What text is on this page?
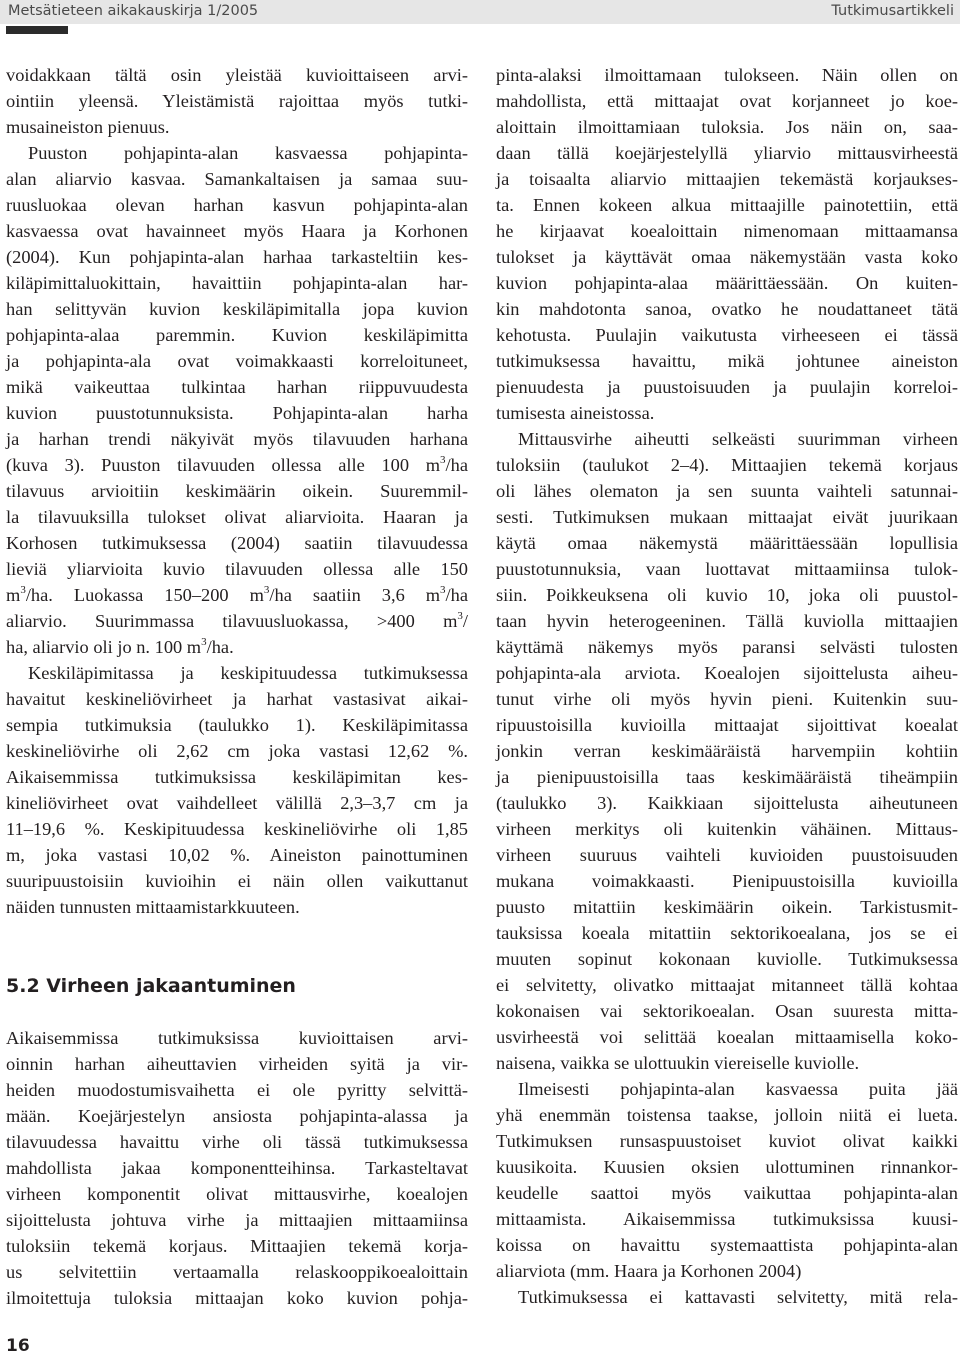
Metsätieteen aikakauskirja 1/2005	Tutkimusartikkeli
voidakkaan tältä osin yleistää kuvioittaiseen arvi-
ointiin yleensä. Yleistämistä rajoittaa myös tutki-
musaineiston pienuus.
Puuston pohjapinta-alan kasvaessa pohjapinta-
alan aliarvio kasvaa. Samankaltaisen ja samaa suu-
ruusluokaa olevan harhan kasvun pohjapinta-alan
kasvaessa ovat havainneet myös Haara ja Korhonen
(2004). Kun pohjapinta-alan harhaa tarkasteltiin kes-
kiläpimittaluokittain, havaittiin pohjapinta-alan har-
han selittyvän kuvion keskiläpimitalla jopa kuvion
pohjapinta-alaa paremmin. Kuvion keskiläpimitta
ja pohjapinta-ala ovat voimakkaasti korreloituneet,
mikä vaikeuttaa tulkintaa harhan riippuvuudesta
kuvion puustotunnuksista. Pohjapinta-alan harha
ja harhan trendi näkyivät myös tilavuuden harhana
(kuva 3). Puuston tilavuuden ollessa alle 100 $m^3/ha$
tilavuus arvioitiin keskimäärin oikein. Suuremmil-
la tilavuuksilla tulokset olivat aliarvioita. Haaran ja
Korhosen tutkimuksessa (2004) saatiin tilavuudessa
lieviä yliarvioita kuvio tilavuuden ollessa alle 150
$m^3/ha$. Luokassa 150–200 $m^3/ha$ saatiin 3,6 $m^3/ha$
aliarvio. Suurimmassa tilavuusluokassa, >400 $m^3/$
ha, aliarvio oli jo n. 100 $m^3/ha$.
Keskiläpimitassa ja keskipituudessa tutkimuksessa
havaitut keskineliövirheet ja harhat vastasivat aikai-
sempia tutkimuksia (taulukko 1). Keskiläpimitassa
keskineliövirhe oli 2,62 cm joka vastasi 12,62 %.
Aikaisemmissa tutkimuksissa keskiläpimitan kes-
kineliövirheet ovat vaihdelleet välillä 2,3–3,7 cm ja
11–19,6 %. Keskipituudessa keskineliövirhe oli 1,85
m, joka vastasi 10,02 %. Aineiston painottuminen
suuripuustoisiin kuvioihin ei näin ollen vaikuttanut
näiden tunnusten mittaamistarkkuuteen.
5.2 Virheen jakaantuminen
Aikaisemmissa tutkimuksissa kuvioittaisen arvi-
oinnin harhan aiheuttavien virheiden syitä ja vir-
heiden muodostumisvaihetta ei ole pyritty selvittä-
mään. Koejärjestelyn ansiosta pohjapinta-alassa ja
tilavuudessa havaittu virhe oli tässä tutkimuksessa
mahdollista jakaa komponentteihinsa. Tarkasteltavat
virheen komponentit olivat mittausvirhe, koealojen
sijoittelusta johtuva virhe ja mittaajien mittaamiinsa
tuloksiin tekemä korjaus. Mittaajien tekemä korja-
us selvitettiin vertaamalla relaskooppikoealoittain
ilmoitettuja tuloksia mittaajan koko kuvion pohja-
pinta-alaksi ilmoittamaan tulokseen. Näin ollen on
mahdollista, että mittaajat ovat korjanneet jo koe-
aloittain ilmoittamiaan tuloksia. Jos näin on, saa-
daan tällä koejärjestelyllä yliarvio mittausvirheestä
ja toisaalta aliarvio mittaajien tekemästä korjaukses-
ta. Ennen kokeen alkua mittaajille painotettiin, että
he kirjaavat koealoittain nimenomaan mittaamansa
tulokset ja käyttävät omaa näkemystään vasta koko
kuvion pohjapinta-alaa määrittäessään. On kuiten-
kin mahdotonta sanoa, ovatko he noudattaneet tätä
kehotusta. Puulajin vaikutusta virheeseen ei tässä
tutkimuksessa havaittu, mikä johtunee aineiston
pienuudesta ja puustoisuuden ja puulajin korreloi-
tumisesta aineistossa.
Mittausvirhe aiheutti selkeästi suurimman virheen
tuloksiin (taulukot 2–4). Mittaajien tekemä korjaus
oli lähes olematon ja sen suunta vaihteli satunnai-
sesti. Tutkimuksen mukaan mittaajat eivät juurikaan
käytä omaa näkemystä määrittäessään lopullisia
puustotunnuksia, vaan luottavat mittaamiinsa tulok-
siin. Poikkeuksena oli kuvio 10, joka oli puustol-
taan hyvin heterogeeninen. Tällä kuviolla mittaajien
käyttämä näkemys myös paransi selvästi tulosten
pohjapinta-ala arviota. Koealojen sijoittelusta aiheu-
tunut virhe oli myös hyvin pieni. Kuitenkin suu-
ripuustoisilla kuvioilla mittaajat sijoittivat koealat
jonkin verran keskimääräistä harvempiin kohtiin
ja pienipuustoisilla taas keskimääräistä tiheämpiin
(taulukko 3). Kaikkiaan sijoittelusta aiheutuneen
virheen merkitys oli kuitenkin vähäinen. Mittaus-
virheen suuruus vaihteli kuvioiden puustoisuuden
mukana voimakkaasti. Pienipuustoisilla kuvioilla
puusto mitattiin keskimäärin oikein. Tarkistusmit-
tauksissa koeala mitattiin sektorikoealana, jos se ei
muuten sopinut kokonaan kuviolle. Tutkimuksessa
ei selvitetty, olivatko mittaajat mitanneet tällä kohtaa
kokonaisen vai sektorikoealan. Osan suuresta mitta-
usvirheestä voi selittää koealan mittaamisella koko-
naisena, vaikka se ulottuukin viereiselle kuviolle.
Ilmeisesti pohjapinta-alan kasvaessa puita jää
yhä enemmän toistensa taakse, jolloin niitä ei lueta.
Tutkimuksen runsaspuustoiset kuviot olivat kaikki
kuusikoita. Kuusien oksien ulottuminen rinnankor-
keudelle saattoi myös vaikuttaa pohjapinta-alan
mittaamista. Aikaisemmissa tutkimuksissa kuusi-
koissa on havaittu systemaattista pohjapinta-alan
aliarviota (mm. Haara ja Korhonen 2004)
Tutkimuksessa ei kattavasti selvitetty, mitä rela-
16
